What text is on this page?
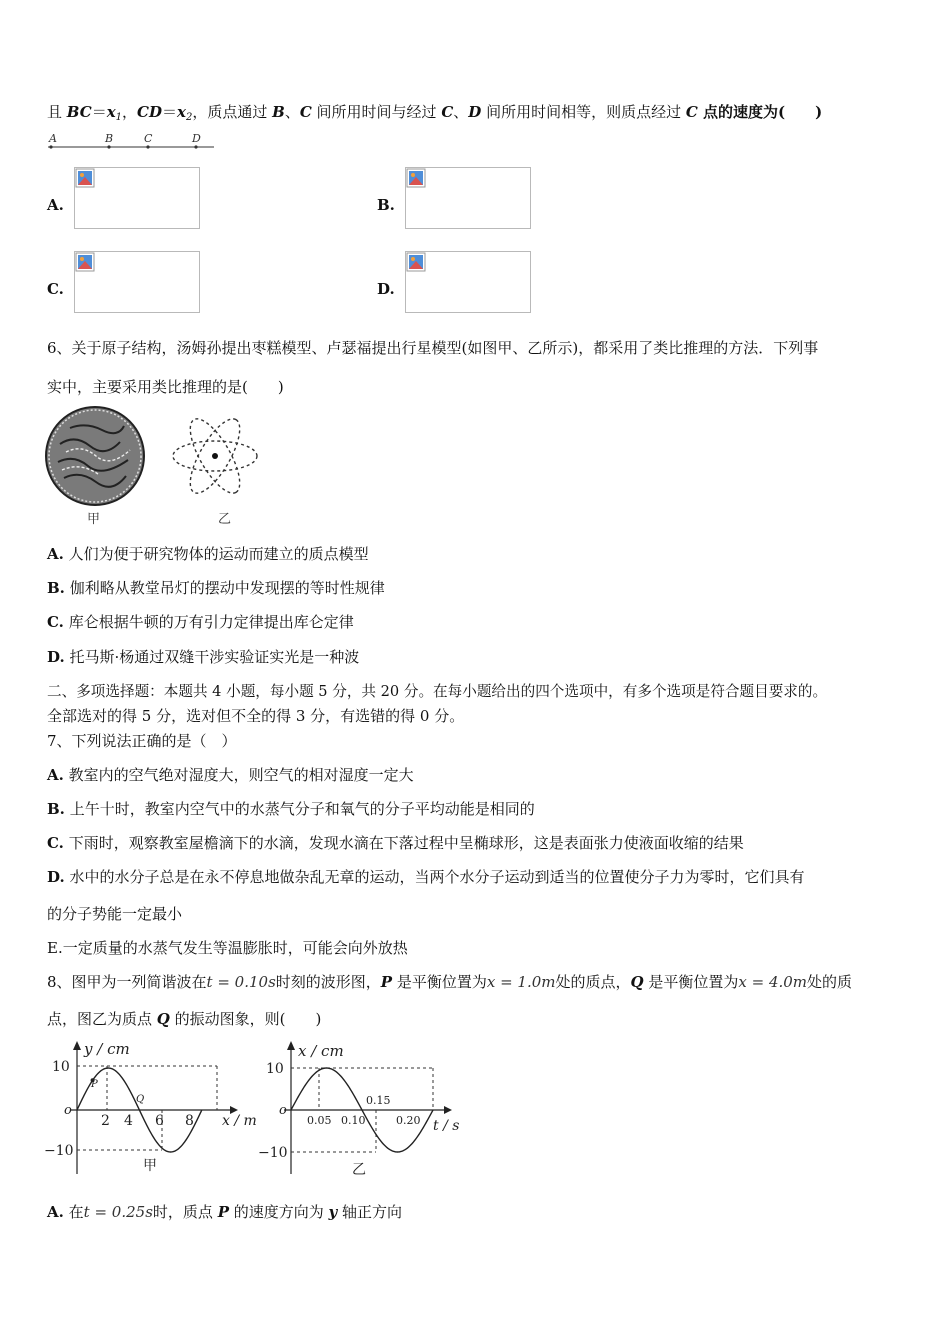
且 $BC=x_1$，$CD=x_2$，质点通过 B、C 间所用时间与经过 C、D 间所用时间相等，则质点经过 C 点的速度为(　　)
A	B	C	D
A.	B.
C.	D.
6、关于原子结构，汤姆孙提出枣糕模型、卢瑟福提出行星模型(如图甲、乙所示)，都采用了类比推理的方法．下列事
实中，主要采用类比推理的是(　　)
甲	乙
A. 人们为便于研究物体的运动而建立的质点模型
B. 伽利略从教堂吊灯的摆动中发现摆的等时性规律
C. 库仑根据牛顿的万有引力定律提出库仑定律
D. 托马斯·杨通过双缝干涉实验证实光是一种波
二、多项选择题：本题共 4 小题，每小题 5 分，共 20 分。在每小题给出的四个选项中，有多个选项是符合题目要求的。
全部选对的得 5 分，选对但不全的得 3 分，有选错的得 0 分。
7、下列说法正确的是（　）
A. 教室内的空气绝对湿度大，则空气的相对湿度一定大
B. 上午十时，教室内空气中的水蒸气分子和氧气的分子平均动能是相同的
C. 下雨时，观察教室屋檐滴下的水滴，发现水滴在下落过程中呈椭球形，这是表面张力使液面收缩的结果
D. 水中的水分子总是在永不停息地做杂乱无章的运动，当两个水分子运动到适当的位置使分子力为零时，它们具有
的分子势能一定最小
E.一定质量的水蒸气发生等温膨胀时，可能会向外放热
8、图甲为一列简谐波在t = 0.10s时刻的波形图，P 是平衡位置为x = 1.0m处的质点，Q 是平衡位置为x = 4.0m处的质
点，图乙为质点 Q 的振动图象，则(　　)
y / cm
x / m
10
o
−10
2 4 6 8
P
Q
甲
x / cm
t / s
10
o
−10
0.05 0.10
0.15
0.20
乙
A. 在t = 0.25s时，质点 P 的速度方向为 y 轴正方向
